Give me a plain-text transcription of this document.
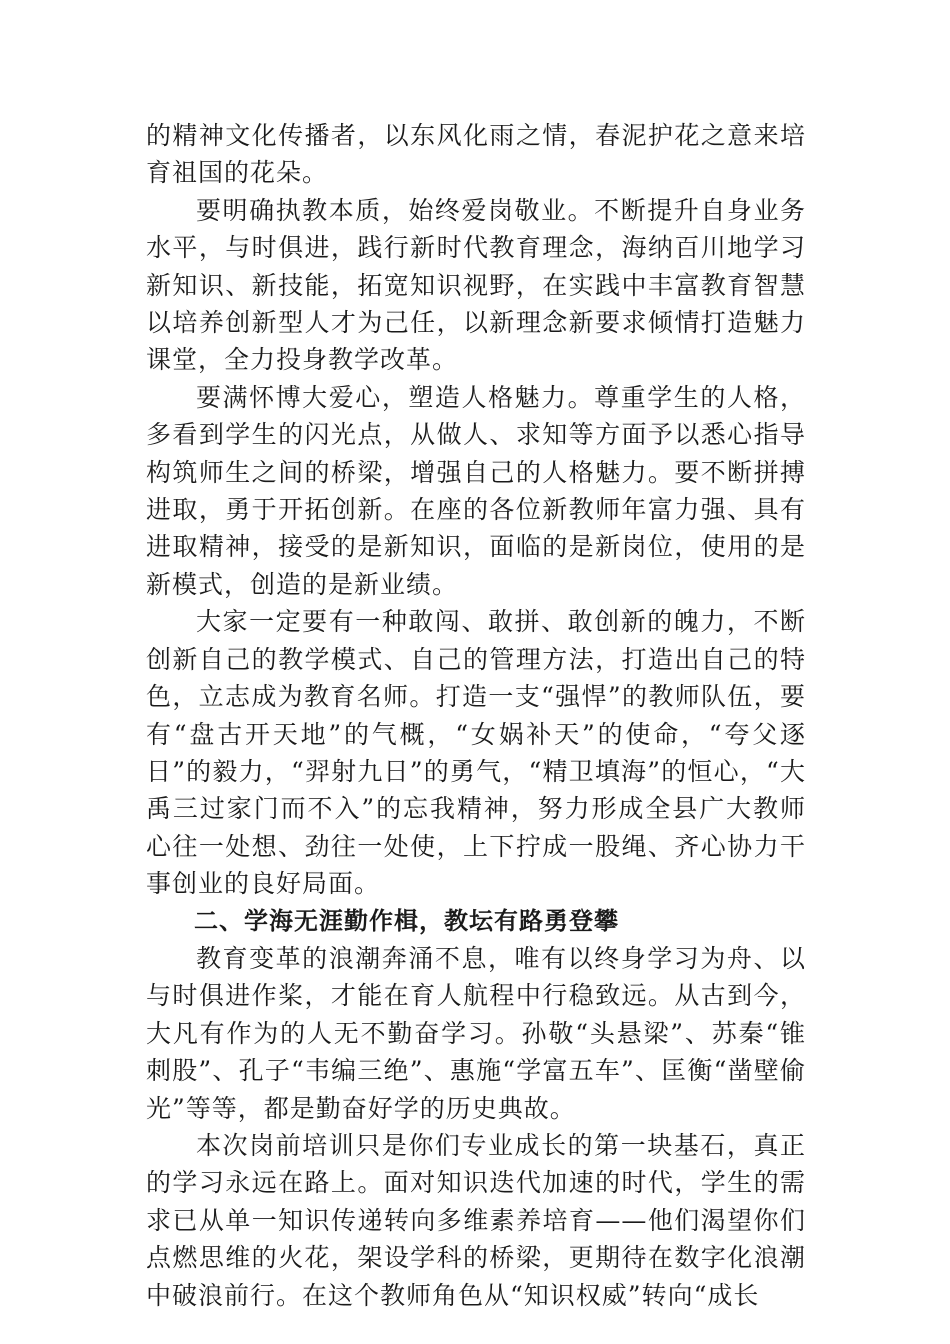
的精神文化传播者，以东风化雨之情，春泥护花之意来培育祖国的花朵。

要明确执教本质，始终爱岗敬业。不断提升自身业务水平，与时俱进，践行新时代教育理念，海纳百川地学习新知识、新技能，拓宽知识视野，在实践中丰富教育智慧以培养创新型人才为己任，以新理念新要求倾情打造魅力课堂，全力投身教学改革。

要满怀博大爱心，塑造人格魅力。尊重学生的人格，多看到学生的闪光点，从做人、求知等方面予以悉心指导构筑师生之间的桥梁，增强自己的人格魅力。要不断拼搏进取，勇于开拓创新。在座的各位新教师年富力强、具有进取精神，接受的是新知识，面临的是新岗位，使用的是新模式，创造的是新业绩。

大家一定要有一种敢闯、敢拼、敢创新的魄力，不断创新自己的教学模式、自己的管理方法，打造出自己的特色，立志成为教育名师。打造一支“强悍”的教师队伍，要有“盘古开天地”的气概，“女娲补天”的使命，“夸父逐日”的毅力，“羿射九日”的勇气，“精卫填海”的恒心，“大禹三过家门而不入”的忘我精神，努力形成全县广大教师心往一处想、劲往一处使，上下拧成一股绳、齐心协力干事创业的良好局面。

二、学海无涯勤作楫，教坛有路勇登攀

教育变革的浪潮奔涌不息，唯有以终身学习为舟、以与时俱进作桨，才能在育人航程中行稳致远。从古到今，大凡有作为的人无不勤奋学习。孙敬“头悬梁”、苏秦“锥刺股”、孔子“韦编三绝”、惠施“学富五车”、匡衡“凿壁偷光”等等，都是勤奋好学的历史典故。

本次岗前培训只是你们专业成长的第一块基石，真正的学习永远在路上。面对知识迭代加速的时代，学生的需求已从单一知识传递转向多维素养培育——他们渴望你们点燃思维的火花，架设学科的桥梁，更期待在数字化浪潮中破浪前行。在这个教师角色从“知识权威”转向“成长
